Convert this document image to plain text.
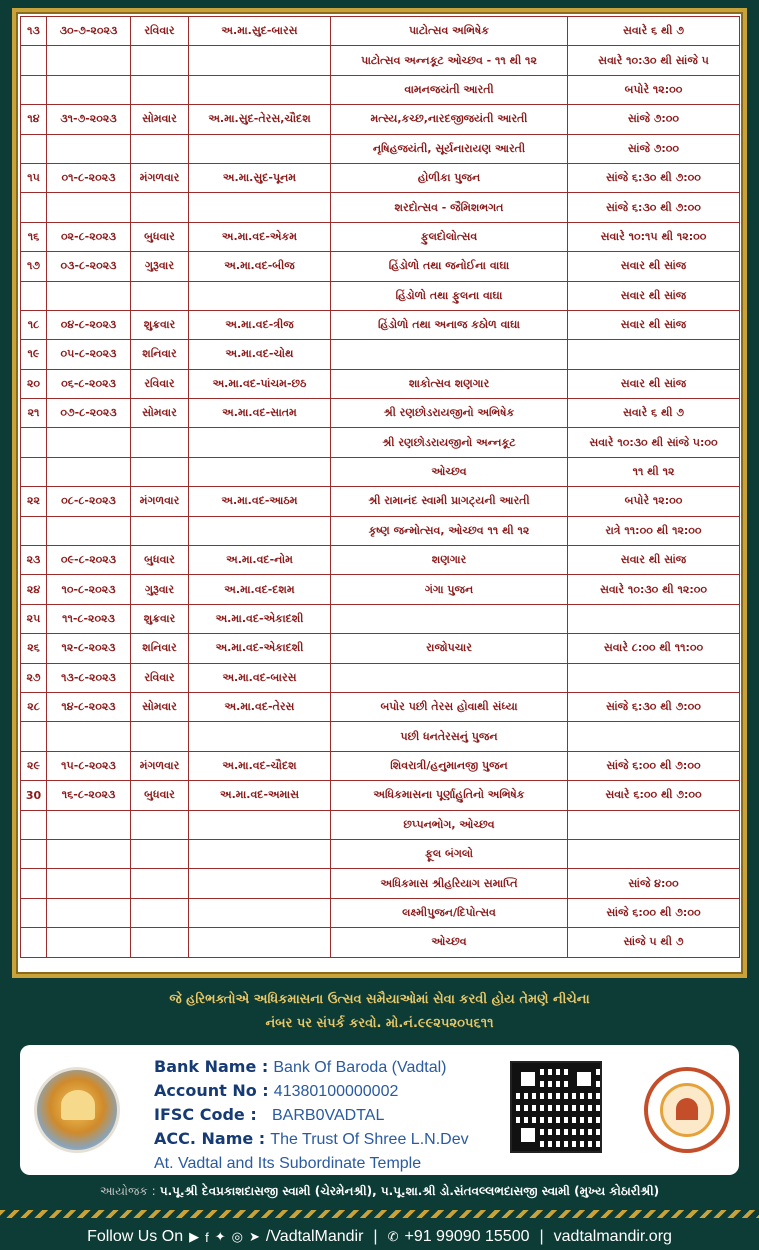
૧૩	૩૦-૭-૨૦૨૩	રવિવાર	અ.મા.સુદ-બારસ	પાટોત્સવ અભિષેક	સવારે ૬ થી ૭
				પાટોત્સવ અન્નકૂટ ઓચ્છવ - ૧૧ થી ૧૨	સવારે ૧૦:૩૦ થી સાંજે ૫
				વામનજયંતી આરતી	બપોરે ૧૨:૦૦
૧૪	૩૧-૭-૨૦૨૩	સોમવાર	અ.મા.સુદ-તેરસ,ચૌદશ	મત્સ્ય,કચ્છ,નારદજીજયંતી આરતી	સાંજે ૭:૦૦
				નૃષિહજયંતી, સૂર્યનારાયણ આરતી	સાંજે ૭:૦૦
૧૫	૦૧-૮-૨૦૨૩	મંગળવાર	અ.મા.સુદ-પૂનમ	હોળીકા પુજન	સાંજે ૬:૩૦ થી ૭:૦૦
				શરદોત્સવ - જૈમિશભગત	સાંજે ૬:૩૦ થી ૭:૦૦
૧૬	૦૨-૮-૨૦૨૩	બુધવાર	અ.મા.વદ-એકમ	ફુલદોલોત્સવ	સવારે ૧૦:૧૫ થી ૧૨:૦૦
૧૭	૦૩-૮-૨૦૨૩	ગુરૂવાર	અ.મા.વદ-બીજ	હિંડોળો તથા જનોઈના વાઘા	સવાર થી સાંજ
				હિંડોળો તથા ફુલના વાઘા	સવાર થી સાંજ
૧૮	૦૪-૮-૨૦૨૩	શુક્રવાર	અ.મા.વદ-ત્રીજ	હિંડોળો તથા અનાજ કઠોળ વાઘા	સવાર થી સાંજ
૧૯	૦૫-૮-૨૦૨૩	શનિવાર	અ.મા.વદ-ચોથ		
૨૦	૦૬-૮-૨૦૨૩	રવિવાર	અ.મા.વદ-પાંચમ-છઠ	શાકોત્સવ શણગાર	સવાર થી સાંજ
૨૧	૦૭-૮-૨૦૨૩	સોમવાર	અ.મા.વદ-સાતમ	શ્રી રણછોડરાયજીનો અભિષેક	સવારે ૬ થી ૭
				શ્રી રણછોડરાયજીનો અન્નકૂટ	સવારે ૧૦:૩૦ થી સાંજે ૫:૦૦
				ઓચ્છવ	૧૧ થી ૧૨
૨૨	૦૮-૮-૨૦૨૩	મંગળવાર	અ.મા.વદ-આઠમ	શ્રી રામાનંદ સ્વામી પ્રાગટ્યની આરતી	બપોરે ૧૨:૦૦
				કૃષ્ણ જન્મોત્સવ, ઓચ્છવ ૧૧ થી ૧૨	રાત્રે ૧૧:૦૦ થી ૧૨:૦૦
૨૩	૦૯-૮-૨૦૨૩	બુધવાર	અ.મા.વદ-નોમ	શણગાર	સવાર થી સાંજ
૨૪	૧૦-૮-૨૦૨૩	ગુરૂવાર	અ.મા.વદ-દશમ	ગંગા પુજન	સવારે ૧૦:૩૦ થી ૧૨:૦૦
૨૫	૧૧-૮-૨૦૨૩	શુક્રવાર	અ.મા.વદ-એકાદશી		
૨૬	૧૨-૮-૨૦૨૩	શનિવાર	અ.મા.વદ-એકાદશી	રાજોપચાર	સવારે ૮:૦૦ થી ૧૧:૦૦
૨૭	૧૩-૮-૨૦૨૩	રવિવાર	અ.મા.વદ-બારસ		
૨૮	૧૪-૮-૨૦૨૩	સોમવાર	અ.મા.વદ-તેરસ	બપોર પછી તેરસ હોવાથી સંધ્યા	સાંજે ૬:૩૦ થી ૭:૦૦
				પછી ધનતેરસનું પુજન	
૨૯	૧૫-૮-૨૦૨૩	મંગળવાર	અ.મા.વદ-ચૌદશ	શિવરાત્રી/હનુમાનજી પુજન	સાંજે ૬:૦૦ થી ૭:૦૦
30	૧૬-૮-૨૦૨૩	બુધવાર	અ.મા.વદ-અમાસ	અધિકમાસના પૂર્ણાહુતિનો અભિષેક	સવારે ૬:૦૦ થી ૭:૦૦
				છપ્પનભોગ, ઓચ્છવ	
				ફૂલ બંગલો	
				અધિકમાસ શ્રીહરિયાગ સમાપ્તિ	સાંજે ૪:૦૦
				લક્ષ્મીપુજન/દિપોત્સવ	સાંજે ૬:૦૦ થી ૭:૦૦
				ઓચ્છવ	સાંજે ૫ થી ૭
જે હરિભક્તોએ અધિકમાસના ઉત્સવ સમૈયાઓમાં સેવા કરવી હોય તેમણે નીચેના
નંબર પર સંપર્ક કરવો. મો.નં.૯૯૨૫૨૦૫૬૧૧
Bank Name : Bank Of Baroda (Vadtal)
Account No : 41380100000002
IFSC Code : BARB0VADTAL
ACC. Name : The Trust Of Shree L.N.Dev
At. Vadtal and Its Subordinate Temple
આયોજક : પ.પૂ.શ્રી દેવપ્રકાશદાસજી સ્વામી (ચેરમેનશ્રી), પ.પૂ.શા.શ્રી ડો.સંતવલ્લભદાસજી સ્વામી (મુખ્ય કોઠારીશ્રી)
Follow Us On ▶ f ✦ ◎ ➤ /VadtalMandir | ✆ +91 99090 15500 | vadtalmandir.org
